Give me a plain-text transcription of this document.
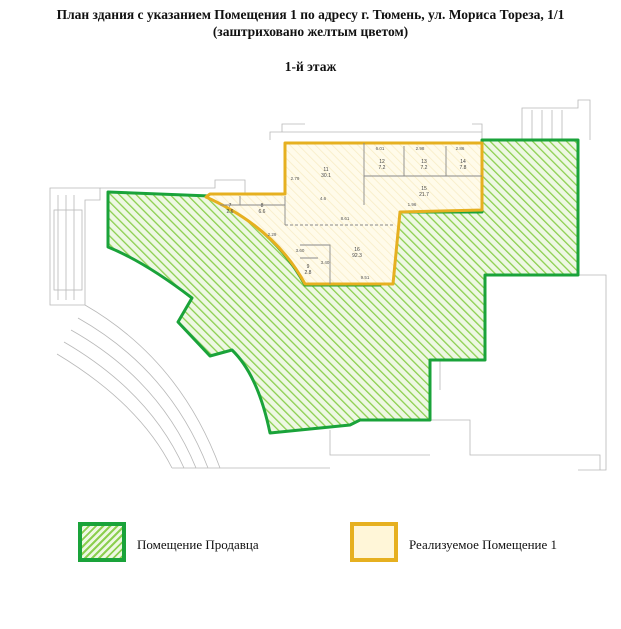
План здания с указанием Помещения 1 по адресу г. Тюмень, ул. Мориса Тореза, 1/1
(заштриховано желтым цветом)
1-й этаж
11
30.1
12
7.2
13
7.2
14
7.8
15
21.7
16
92.3
7
2.6
8
6.6
9
2.8
6.01	2.98	2.86
2.79
1.96
8.61
9.51
2.29
3.60
4.6
3.40
Помещение Продавца	Реализуемое Помещение 1
